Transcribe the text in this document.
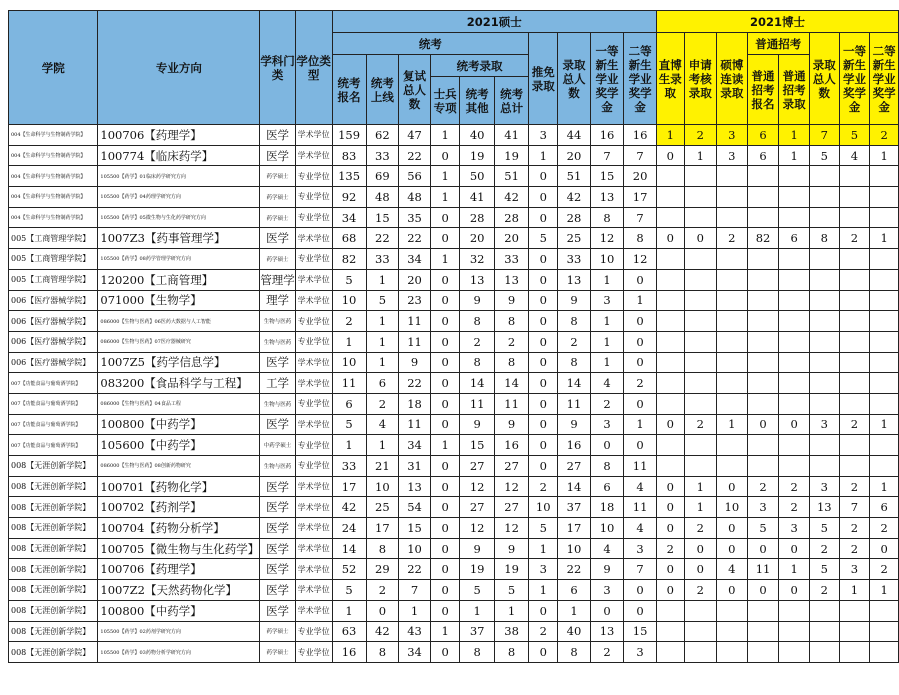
学院	专业方向	学科门类	学位类型	2021硕士										2021博士							
				统考						推免录取	录取总人数	一等新生学业奖学金	二等新生学业奖学金	直博生录取	申请考核录取	硕博连读录取	普通招考		录取总人数	一等新生学业奖学金	二等新生学业奖学金
				统考报名	统考上线	复试总人数	统考录取										普通招考报名	普通招考录取			
							士兵专项	统考其他	统考总计												
004【生命科学与生物制药学院】	100706【药理学】	医学	学术学位	159	62	47	1	40	41	3	44	16	16	1	2	3	6	1	7	5	2
004【生命科学与生物制药学院】	100774【临床药学】	医学	学术学位	83	33	22	0	19	19	1	20	7	7	0	1	3	6	1	5	4	1
004【生命科学与生物制药学院】	105500【药学】01临床药学研究方向	药学硕士	专业学位	135	69	56	1	50	51	0	51	15	20								
004【生命科学与生物制药学院】	105500【药学】04药理学研究方向	药学硕士	专业学位	92	48	48	1	41	42	0	42	13	17								
004【生命科学与生物制药学院】	105500【药学】05微生物与生化药学研究方向	药学硕士	专业学位	34	15	35	0	28	28	0	28	8	7								
005【工商管理学院】	1007Z3【药事管理学】	医学	学术学位	68	22	22	0	20	20	5	25	12	8	0	0	2	82	6	8	2	1
005【工商管理学院】	105500【药学】08药学管理学研究方向	药学硕士	专业学位	82	33	34	1	32	33	0	33	10	12								
005【工商管理学院】	120200【工商管理】	管理学	学术学位	5	1	20	0	13	13	0	13	1	0								
006【医疗器械学院】	071000【生物学】	理学	学术学位	10	5	23	0	9	9	0	9	3	1								
006【医疗器械学院】	086000【生物与医药】06医药大数据与人工智能	生物与医药	专业学位	2	1	11	0	8	8	0	8	1	0								
006【医疗器械学院】	086000【生物与医药】07医疗器械研究	生物与医药	专业学位	1	1	11	0	2	2	0	2	1	0								
006【医疗器械学院】	1007Z5【药学信息学】	医学	学术学位	10	1	9	0	8	8	0	8	1	0								
007【功能食品与葡萄酒学院】	083200【食品科学与工程】	工学	学术学位	11	6	22	0	14	14	0	14	4	2								
007【功能食品与葡萄酒学院】	086000【生物与医药】04食品工程	生物与医药	专业学位	6	2	18	0	11	11	0	11	2	0								
007【功能食品与葡萄酒学院】	100800【中药学】	医学	学术学位	5	4	11	0	9	9	0	9	3	1	0	2	1	0	0	3	2	1
007【功能食品与葡萄酒学院】	105600【中药学】	中药学硕士	专业学位	1	1	34	1	15	16	0	16	0	0								
008【无涯创新学院】	086000【生物与医药】08创新药物研究	生物与医药	专业学位	33	21	31	0	27	27	0	27	8	11								
008【无涯创新学院】	100701【药物化学】	医学	学术学位	17	10	13	0	12	12	2	14	6	4	0	1	0	2	2	3	2	1
008【无涯创新学院】	100702【药剂学】	医学	学术学位	42	25	54	0	27	27	10	37	18	11	0	1	10	3	2	13	7	6
008【无涯创新学院】	100704【药物分析学】	医学	学术学位	24	17	15	0	12	12	5	17	10	4	0	2	0	5	3	5	2	2
008【无涯创新学院】	100705【微生物与生化药学】	医学	学术学位	14	8	10	0	9	9	1	10	4	3	2	0	0	0	0	2	2	0
008【无涯创新学院】	100706【药理学】	医学	学术学位	52	29	22	0	19	19	3	22	9	7	0	0	4	11	1	5	3	2
008【无涯创新学院】	1007Z2【天然药物化学】	医学	学术学位	5	2	7	0	5	5	1	6	3	0	0	2	0	0	0	2	1	1
008【无涯创新学院】	100800【中药学】	医学	学术学位	1	0	1	0	1	1	0	1	0	0								
008【无涯创新学院】	105500【药学】02药剂学研究方向	药学硕士	专业学位	63	42	43	1	37	38	2	40	13	15								
008【无涯创新学院】	105500【药学】03药物分析学研究方向	药学硕士	专业学位	16	8	34	0	8	8	0	8	2	3								
